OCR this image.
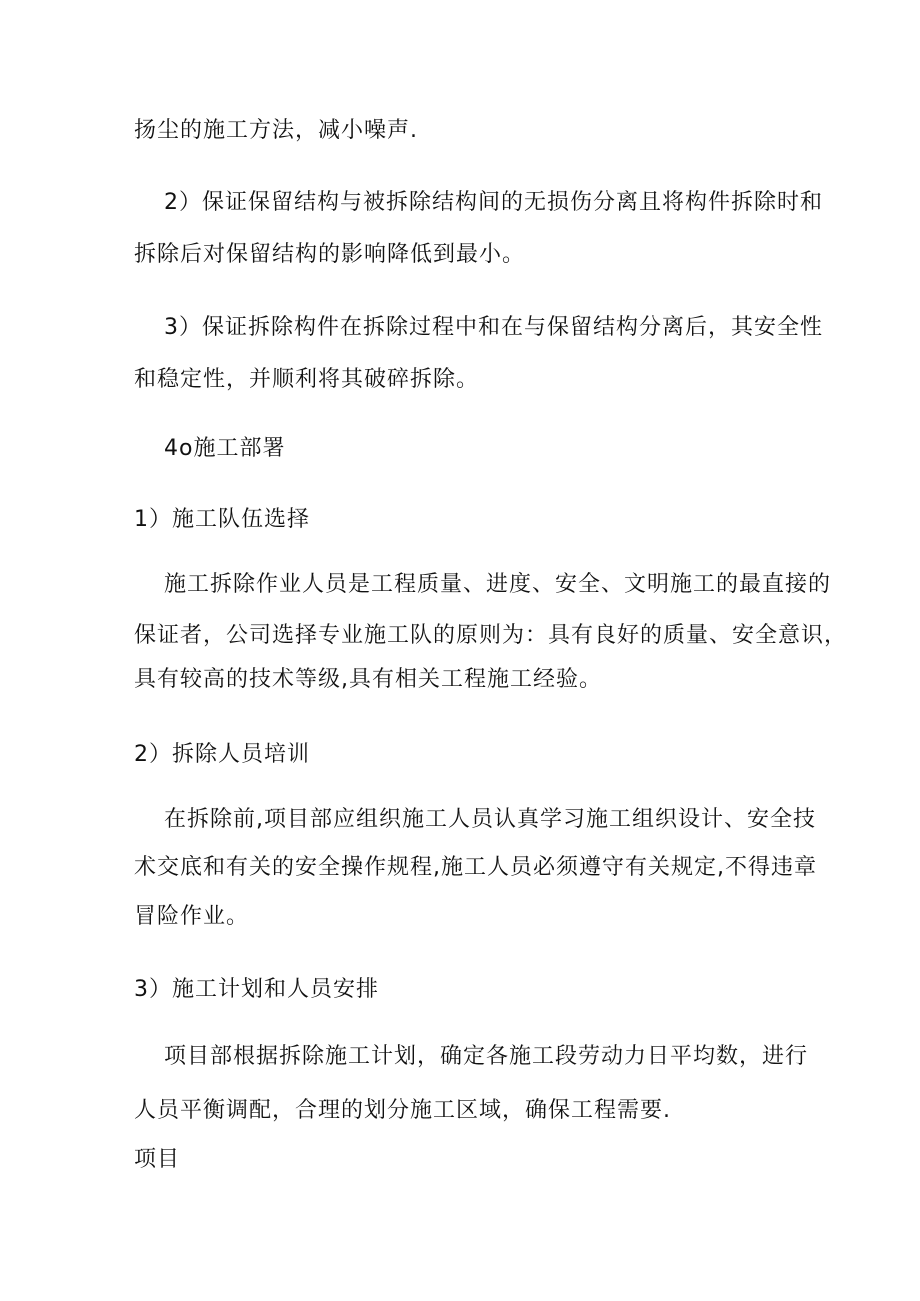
扬尘的施工方法，减小噪声.
2）保证保留结构与被拆除结构间的无损伤分离且将构件拆除时和
拆除后对保留结构的影响降低到最小。
3）保证拆除构件在拆除过程中和在与保留结构分离后，其安全性
和稳定性，并顺利将其破碎拆除。
4o施工部署
1）施工队伍选择
施工拆除作业人员是工程质量、进度、安全、文明施工的最直接的
保证者，公司选择专业施工队的原则为：具有良好的质量、安全意识，
具有较高的技术等级,具有相关工程施工经验。
2）拆除人员培训
在拆除前,项目部应组织施工人员认真学习施工组织设计、安全技
术交底和有关的安全操作规程,施工人员必须遵守有关规定,不得违章
冒险作业。
3）施工计划和人员安排
项目部根据拆除施工计划，确定各施工段劳动力日平均数，进行
人员平衡调配，合理的划分施工区域，确保工程需要.
项目
